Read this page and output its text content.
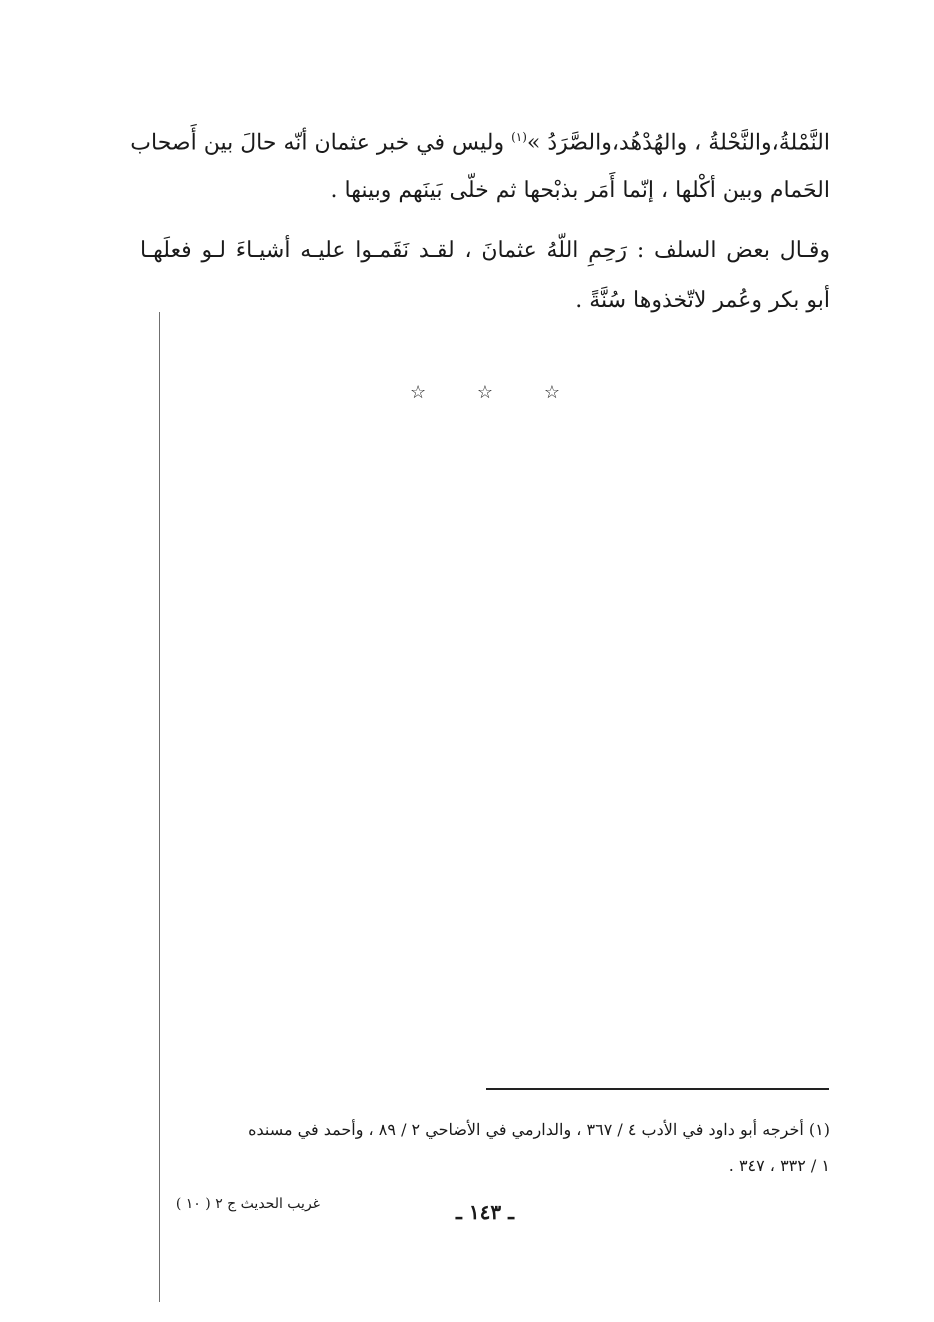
النَّمْلةُ،والنَّحْلةُ ، والهُدْهُد،والصَّرَدُ »$^{(١)}$ وليس في خبر عثمان أنّه حالَ بين أَصحاب
الحَمام وبين أكْلها ، إنّما أَمَر بذبْحها ثم خلّى بَينَهم وبينها .
وقـال بعض السلف : رَحِمِ اللّهُ عثمانَ ، لقـد نَقَمـوا عليـه أشيـاءَ لـو فعلَهـا
أبو بكر وعُمر لاتّخذوها سُنَّةً .
☆	☆	☆
(١) أخرجه أبو داود في الأدب ٤ / ٣٦٧ ، والدارمي في الأضاحي ٢ / ٨٩ ، وأحمد في مسنده
١ / ٣٣٢ ، ٣٤٧ .
ـ ١٤٣ ـ
غريب الحديث ج ٢ ( ١٠ )
